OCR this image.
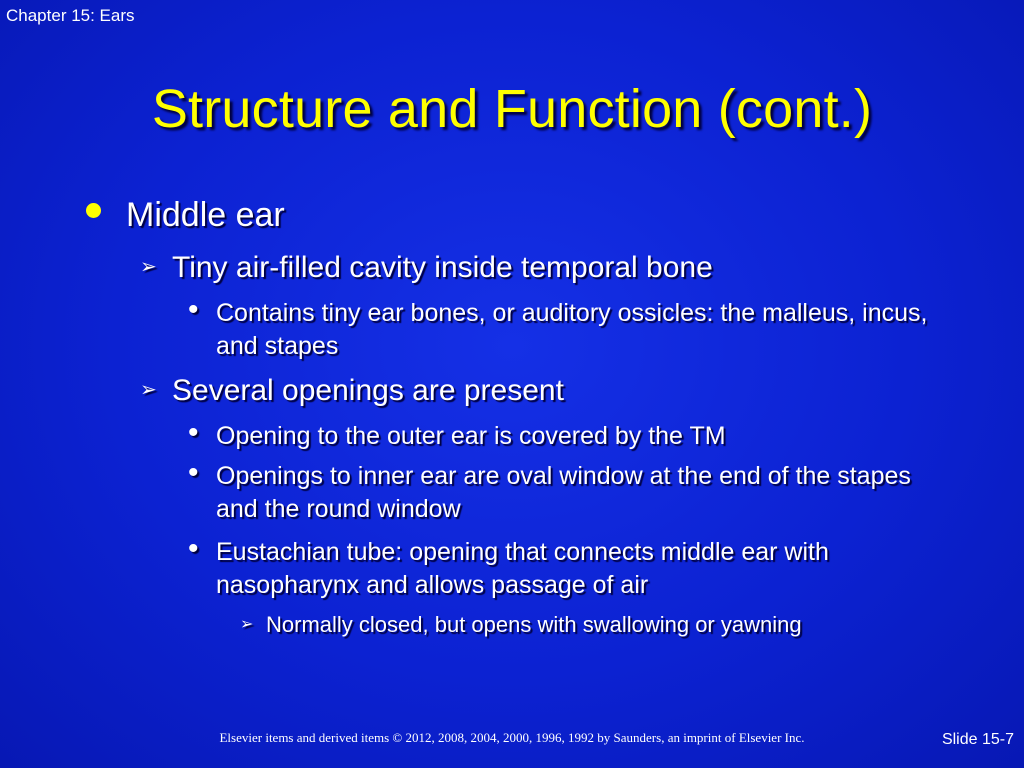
Chapter 15: Ears
Structure and Function (cont.)
Middle ear
➢ Tiny air-filled cavity inside temporal bone
• Contains tiny ear bones, or auditory ossicles: the malleus, incus, and stapes
➢ Several openings are present
• Opening to the outer ear is covered by the TM
• Openings to inner ear are oval window at the end of the stapes and the round window
• Eustachian tube: opening that connects middle ear with nasopharynx and allows passage of air
➢ Normally closed, but opens with swallowing or yawning
Elsevier items and derived items © 2012, 2008, 2004, 2000, 1996, 1992 by Saunders, an imprint of Elsevier Inc.	Slide 15-7
